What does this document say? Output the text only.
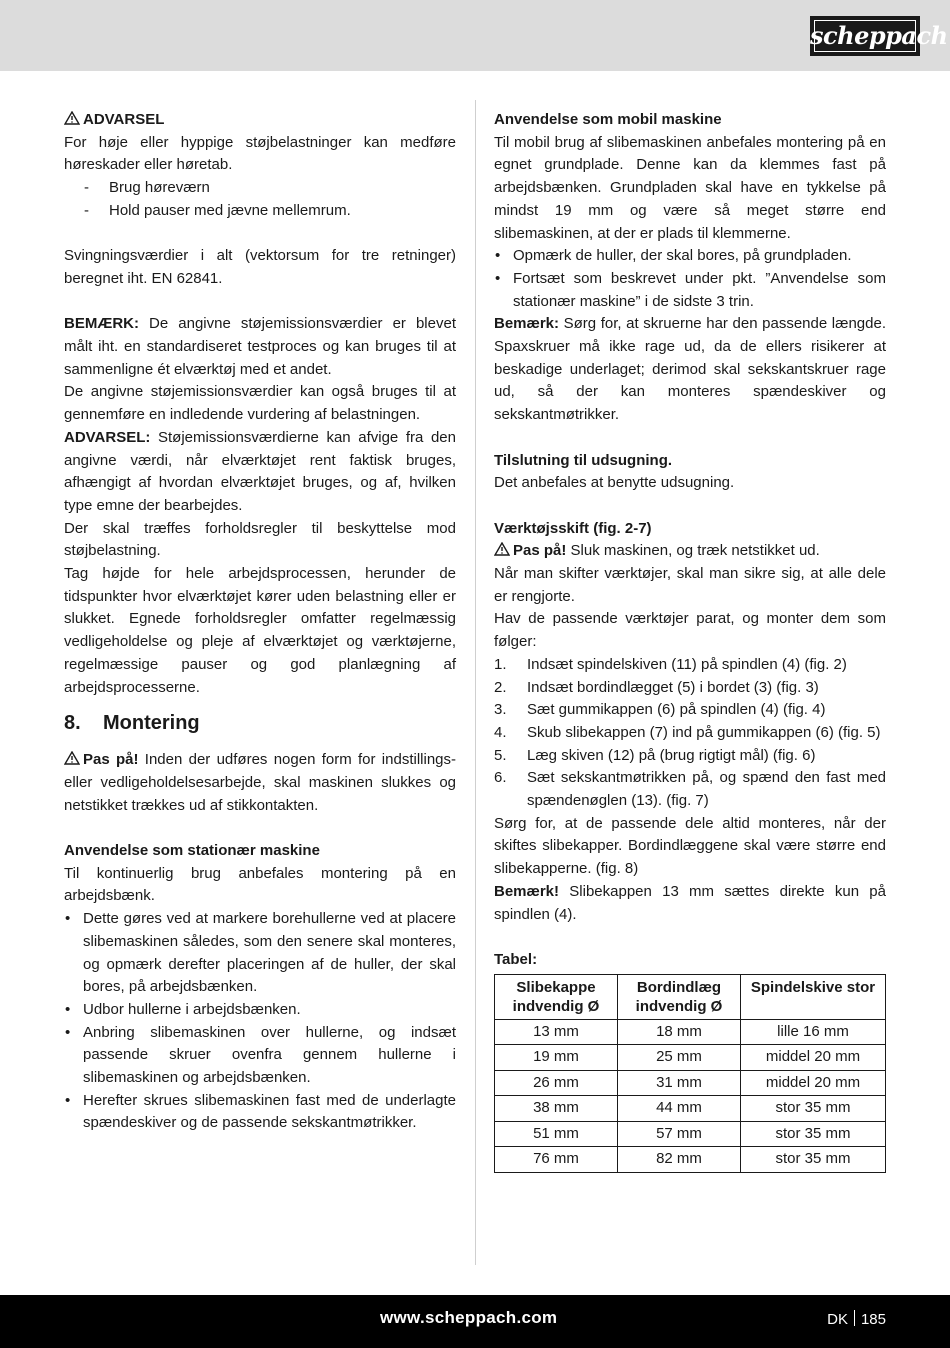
scheppach

ADVARSEL

For høje eller hyppige støjbelastninger kan medføre høreskader eller høretab.

- Brug høreværn
- Hold pauser med jævne mellemrum.

Svingningsværdier i alt (vektorsum for tre retninger) beregnet iht. EN 62841.

BEMÆRK: De angivne støjemissionsværdier er blevet målt iht. en standardiseret testproces og kan bruges til at sammenligne ét elværktøj med et andet.

De angivne støjemissionsværdier kan også bruges til at gennemføre en indledende vurdering af belastningen.

ADVARSEL: Støjemissionsværdierne kan afvige fra den angivne værdi, når elværktøjet rent faktisk bruges, afhængigt af hvordan elværktøjet bruges, og af, hvilken type emne der bearbejdes.

Der skal træffes forholdsregler til beskyttelse mod støjbelastning.

Tag højde for hele arbejdsprocessen, herunder de tidspunkter hvor elværktøjet kører uden belastning eller er slukket. Egnede forholdsregler omfatter regelmæssig vedligeholdelse og pleje af elværktøjet og værktøjerne, regelmæssige pauser og god planlægning af arbejdsprocesserne.

8. Montering

Pas på! Inden der udføres nogen form for indstillings- eller vedligeholdelsesarbejde, skal maskinen slukkes og netstikket trækkes ud af stikkontakten.

Anvendelse som stationær maskine

Til kontinuerlig brug anbefales montering på en arbejdsbænk.

• Dette gøres ved at markere borehullerne ved at placere slibemaskinen således, som den senere skal monteres, og opmærk derefter placeringen af de huller, der skal bores, på arbejdsbænken.
• Udbor hullerne i arbejdsbænken.
• Anbring slibemaskinen over hullerne, og indsæt passende skruer ovenfra gennem hullerne i slibemaskinen og arbejdsbænken.
• Herefter skrues slibemaskinen fast med de underlagte spændeskiver og de passende sekskantmøtrikker.

Anvendelse som mobil maskine

Til mobil brug af slibemaskinen anbefales montering på en egnet grundplade. Denne kan da klemmes fast på arbejdsbænken. Grundpladen skal have en tykkelse på mindst 19 mm og være så meget større end slibemaskinen, at der er plads til klemmerne.

• Opmærk de huller, der skal bores, på grundpladen.
• Fortsæt som beskrevet under pkt. ”Anvendelse som stationær maskine” i de sidste 3 trin.

Bemærk: Sørg for, at skruerne har den passende længde. Spaxskruer må ikke rage ud, da de ellers risikerer at beskadige underlaget; derimod skal sekskantskruer rage ud, så der kan monteres spændeskiver og sekskantmøtrikker.

Tilslutning til udsugning.

Det anbefales at benytte udsugning.

Værktøjsskift (fig. 2-7)

Pas på! Sluk maskinen, og træk netstikket ud.

Når man skifter værktøjer, skal man sikre sig, at alle dele er rengjorte.

Hav de passende værktøjer parat, og monter dem som følger:

1. Indsæt spindelskiven (11) på spindlen (4) (fig. 2)
2. Indsæt bordindlægget (5) i bordet (3) (fig. 3)
3. Sæt gummikappen (6) på spindlen (4) (fig. 4)
4. Skub slibekappen (7) ind på gummikappen (6) (fig. 5)
5. Læg skiven (12) på (brug rigtigt mål) (fig. 6)
6. Sæt sekskantmøtrikken på, og spænd den fast med spændenøglen (13). (fig. 7)

Sørg for, at de passende dele altid monteres, når der skiftes slibekapper. Bordindlæggene skal være større end slibekapperne. (fig. 8)

Bemærk! Slibekappen 13 mm sættes direkte kun på spindlen (4).

Tabel:

Slibekappe indvendig Ø	Bordindlæg indvendig Ø	Spindelskive stor
13 mm	18 mm	lille 16 mm
19 mm	25 mm	middel 20 mm
26 mm	31 mm	middel 20 mm
38 mm	44 mm	stor 35 mm
51 mm	57 mm	stor 35 mm
76 mm	82 mm	stor 35 mm
www.scheppach.com	DK 185
